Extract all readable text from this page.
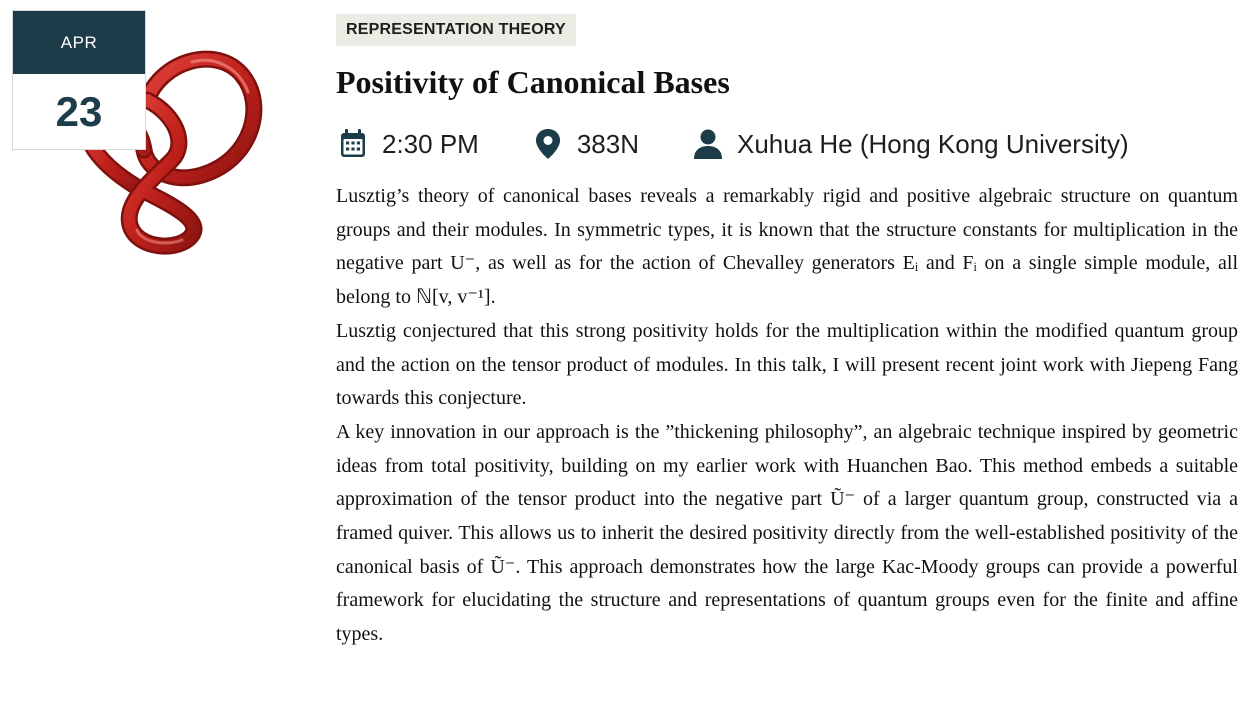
APR
23
REPRESENTATION THEORY
Positivity of Canonical Bases
2:30 PM	383N	Xuhua He (Hong Kong University)

Lusztig’s theory of canonical bases reveals a remarkably rigid and positive algebraic structure on quantum groups and their modules. In symmetric types, it is known that the structure constants for multiplication in the negative part U⁻, as well as for the action of Chevalley generators Eᵢ and Fᵢ on a single simple module, all belong to ℕ[v, v⁻¹].

Lusztig conjectured that this strong positivity holds for the multiplication within the modified quantum group and the action on the tensor product of modules. In this talk, I will present recent joint work with Jiepeng Fang towards this conjecture.

A key innovation in our approach is the ”thickening philosophy”, an algebraic technique inspired by geometric ideas from total positivity, building on my earlier work with Huanchen Bao. This method embeds a suitable approximation of the tensor product into the negative part Ũ⁻ of a larger quantum group, constructed via a framed quiver. This allows us to inherit the desired positivity directly from the well-established positivity of the canonical basis of Ũ⁻. This approach demonstrates how the large Kac-Moody groups can provide a powerful framework for elucidating the structure and representations of quantum groups even for the finite and affine types.
